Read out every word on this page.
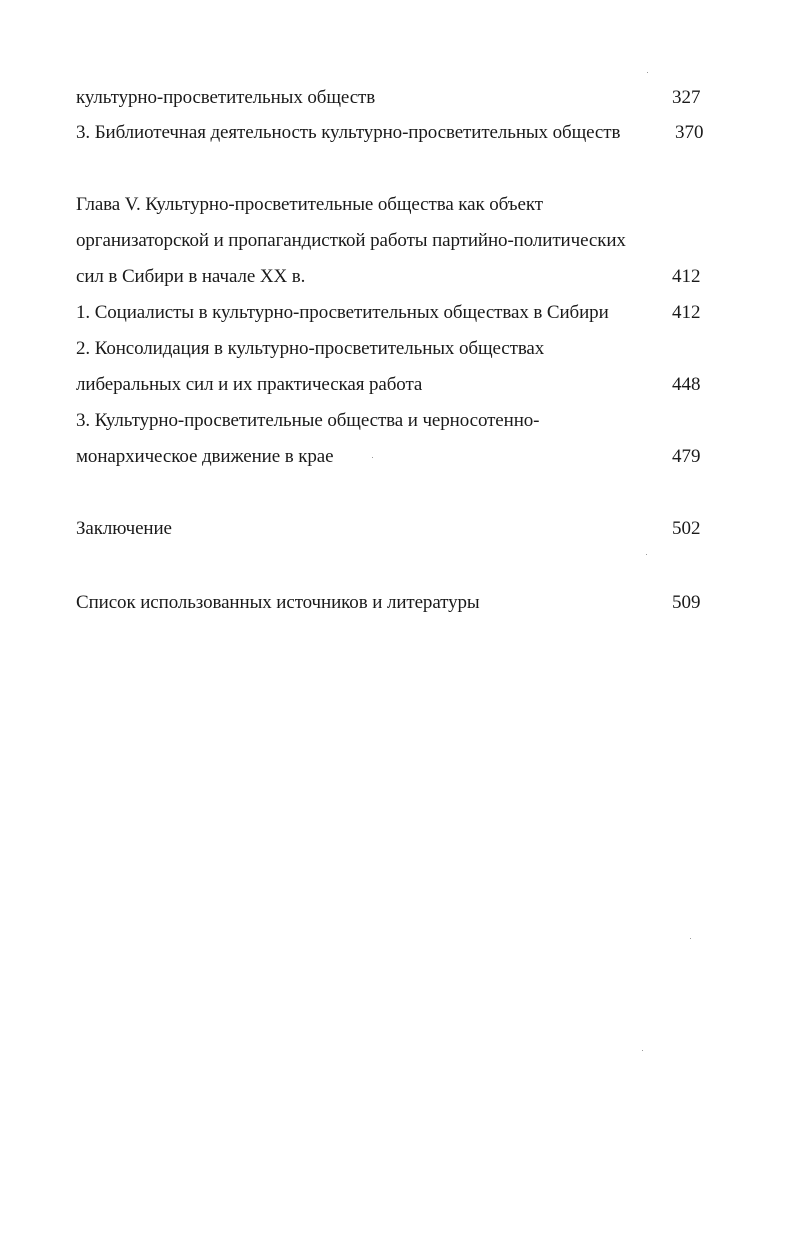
культурно-просветительных обществ	327
3. Библиотечная деятельность культурно-просветительных обществ	370
Глава V. Культурно-просветительные общества как объект
организаторской и пропагандисткой работы партийно-политических
сил в Сибири в начале XX в.	412
1. Социалисты в культурно-просветительных обществах в Сибири	412
2. Консолидация в культурно-просветительных обществах
либеральных сил и их практическая работа	448
3. Культурно-просветительные общества и черносотенно-
монархическое движение в крае	479
Заключение	502
Список использованных источников и литературы	509
